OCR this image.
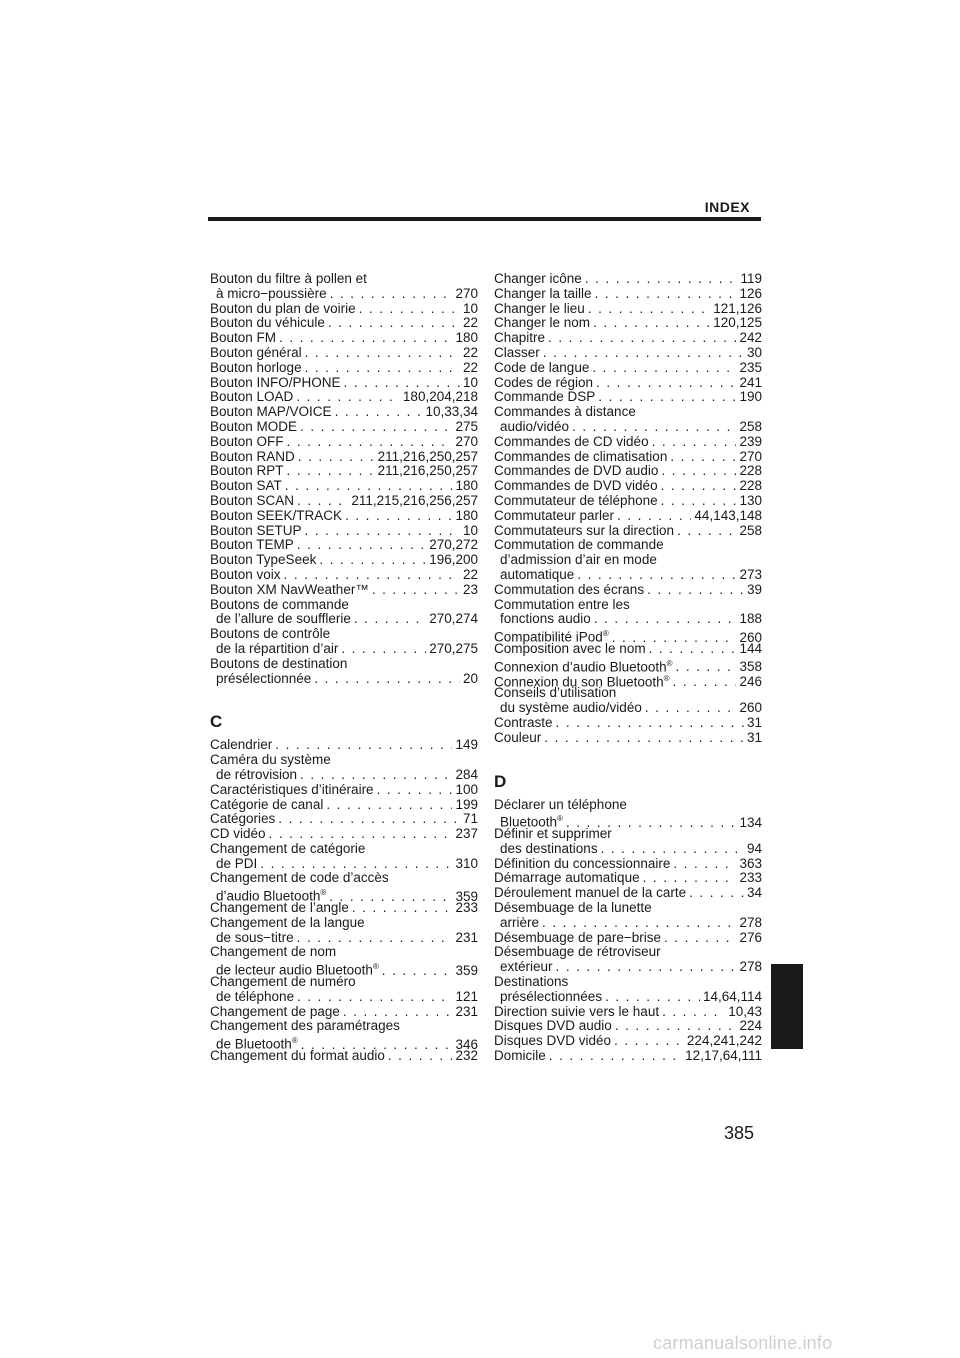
INDEX
Bouton du filtre à pollen et
à micro−poussière . . .	270
Bouton du plan de voirie . . .	10
Bouton du véhicule . . .	22
Bouton FM . . .	180
Bouton général . . .	22
Bouton horloge . . .	22
Bouton INFO/PHONE . . .	10
Bouton LOAD . . .	180,204,218
Bouton MAP/VOICE . . .	10,33,34
Bouton MODE . . .	275
Bouton OFF . . .	270
Bouton RAND . . .	211,216,250,257
Bouton RPT . . .	211,216,250,257
Bouton SAT . . .	180
Bouton SCAN . . .	211,215,216,256,257
Bouton SEEK/TRACK . . .	180
Bouton SETUP . . .	10
Bouton TEMP . . .	270,272
Bouton TypeSeek . . .	196,200
Bouton voix . . .	22
Bouton XM NavWeather™ . . .	23
Boutons de commande
de l’allure de soufflerie . . .	270,274
Boutons de contrôle
de la répartition d’air . . .	270,275
Boutons de destination
présélectionnée . . .	20
C
Calendrier . . .	149
Caméra du système
de rétrovision . . .	284
Caractéristiques d’itinéraire . . .	100
Catégorie de canal . . .	199
Catégories . . .	71
CD vidéo . . .	237
Changement de catégorie
de PDI . . .	310
Changement de code d’accès
d’audio Bluetooth® . . .	359
Changement de l’angle . . .	233
Changement de la langue
de sous−titre . . .	231
Changement de nom
de lecteur audio Bluetooth® . . .	359
Changement de numéro
de téléphone . . .	121
Changement de page . . .	231
Changement des paramétrages
de Bluetooth® . . .	346
Changement du format audio . . .	232
Changer icône . . .	119
Changer la taille . . .	126
Changer le lieu . . .	121,126
Changer le nom . . .	120,125
Chapitre . . .	242
Classer . . .	30
Code de langue . . .	235
Codes de région . . .	241
Commande DSP . . .	190
Commandes à distance
audio/vidéo . . .	258
Commandes de CD vidéo . . .	239
Commandes de climatisation . . .	270
Commandes de DVD audio . . .	228
Commandes de DVD vidéo . . .	228
Commutateur de téléphone . . .	130
Commutateur parler . . .	44,143,148
Commutateurs sur la direction . . .	258
Commutation de commande
d’admission d’air en mode
automatique . . .	273
Commutation des écrans . . .	39
Commutation entre les
fonctions audio . . .	188
Compatibilité iPod® . . .	260
Composition avec le nom . . .	144
Connexion d’audio Bluetooth® . . .	358
Connexion du son Bluetooth® . . .	246
Conseils d’utilisation
du système audio/vidéo . . .	260
Contraste . . .	31
Couleur . . .	31
D
Déclarer un téléphone
Bluetooth® . . .	134
Définir et supprimer
des destinations . . .	94
Définition du concessionnaire . . .	363
Démarrage automatique . . .	233
Déroulement manuel de la carte . . .	34
Désembuage de la lunette
arrière . . .	278
Désembuage de pare−brise . . .	276
Désembuage de rétroviseur
extérieur . . .	278
Destinations
présélectionnées . . .	14,64,114
Direction suivie vers le haut . . .	10,43
Disques DVD audio . . .	224
Disques DVD vidéo . . .	224,241,242
Domicile . . .	12,17,64,111
385
carmanualsonline.info
